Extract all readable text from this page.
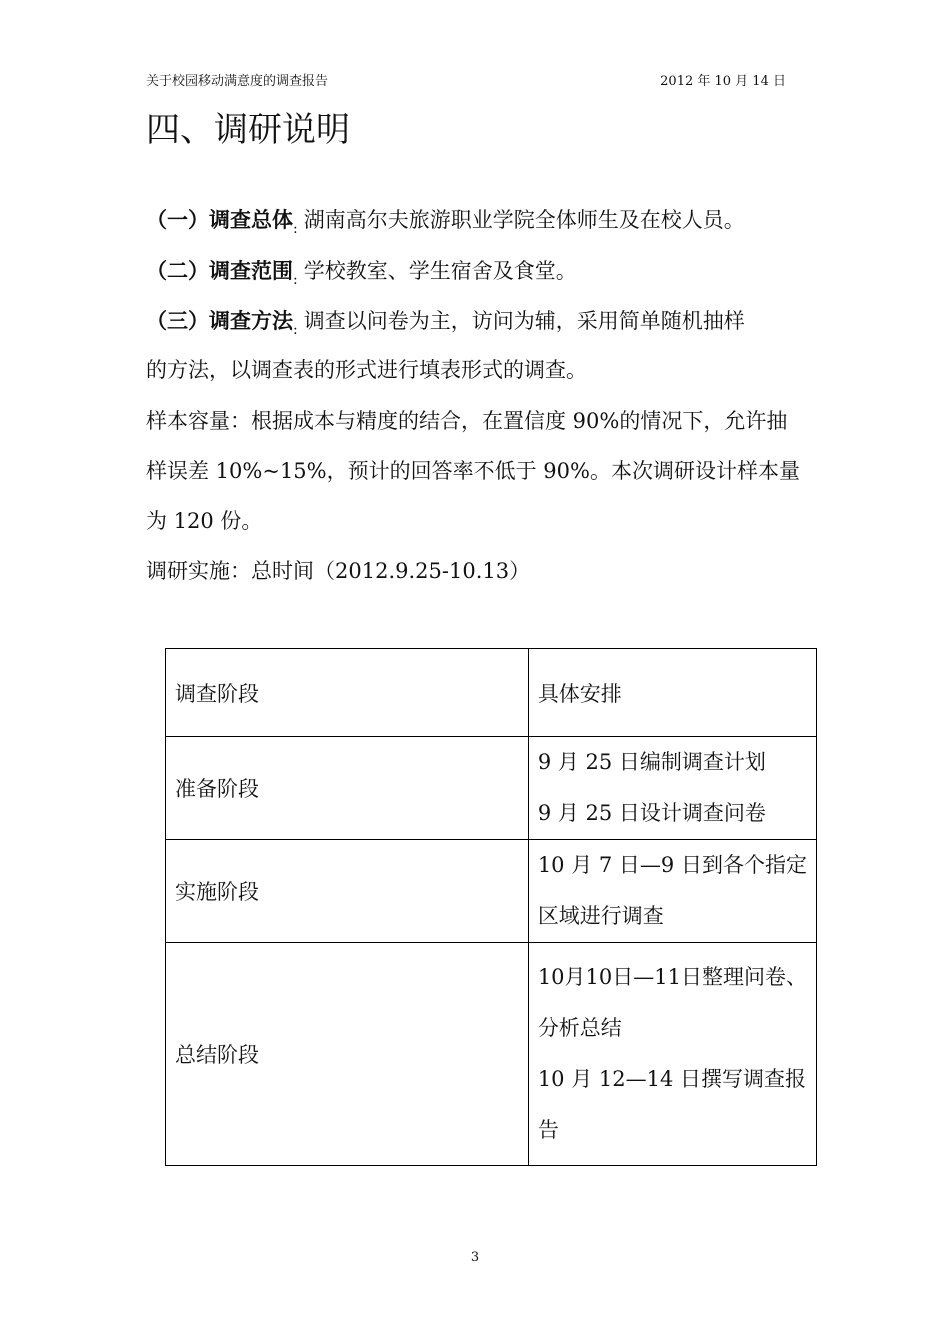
关于校园移动满意度的调查报告	2012 年 10 月 14 日
四、调研说明
（一）调查总体$_:$ 湖南高尔夫旅游职业学院全体师生及在校人员。
（二）调查范围$_:$ 学校教室、学生宿舍及食堂。
（三）调查方法$_:$ 调查以问卷为主，访问为辅，采用简单随机抽样
的方法，以调查表的形式进行填表形式的调查。
样本容量：根据成本与精度的结合，在置信度 90%的情况下，允许抽
样误差 10%~15%，预计的回答率不低于 90%。本次调研设计样本量
为 120 份。
调研实施：总时间（2012.9.25-10.13）
调查阶段	具体安排
准备阶段	9 月 25 日编制调查计划
9 月 25 日设计调查问卷

实施阶段	10 月 7 日—9 日到各个指定
区域进行调查

总结阶段	10月10日—11日整理问卷、
分析总结
10 月 12—14 日撰写调查报
告
3
